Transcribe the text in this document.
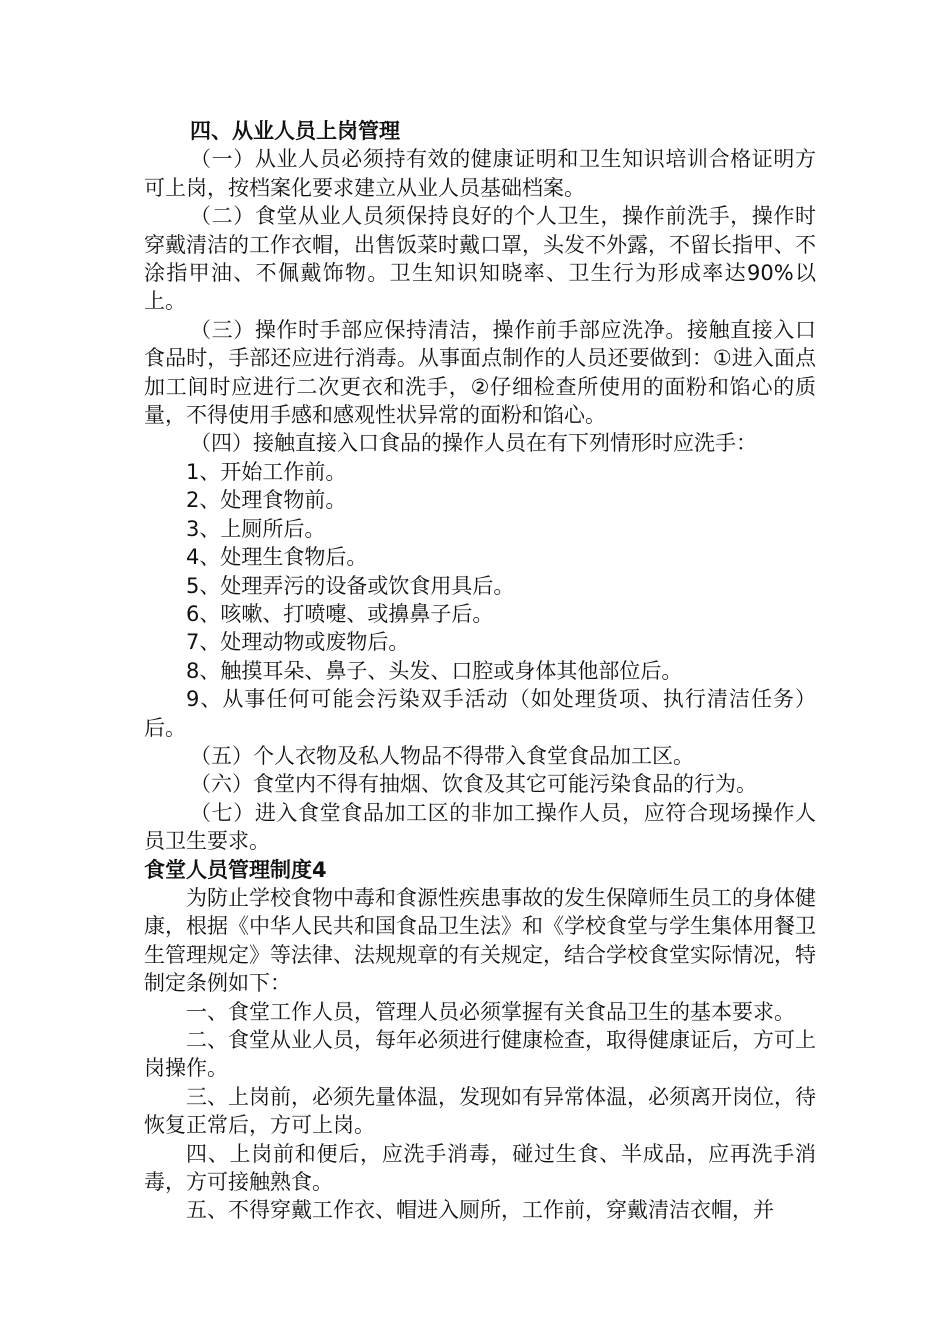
四、从业人员上岗管理

（一）从业人员必须持有效的健康证明和卫生知识培训合格证明方可上岗，按档案化要求建立从业人员基础档案。

（二）食堂从业人员须保持良好的个人卫生，操作前洗手，操作时穿戴清洁的工作衣帽，出售饭菜时戴口罩，头发不外露，不留长指甲、不涂指甲油、不佩戴饰物。卫生知识知晓率、卫生行为形成率达90%以上。

（三）操作时手部应保持清洁，操作前手部应洗净。接触直接入口食品时，手部还应进行消毒。从事面点制作的人员还要做到：①进入面点加工间时应进行二次更衣和洗手，②仔细检查所使用的面粉和馅心的质量，不得使用手感和感观性状异常的面粉和馅心。

（四）接触直接入口食品的操作人员在有下列情形时应洗手：

1、开始工作前。

2、处理食物前。

3、上厕所后。

4、处理生食物后。

5、处理弄污的设备或饮食用具后。

6、咳嗽、打喷嚏、或擤鼻子后。

7、处理动物或废物后。

8、触摸耳朵、鼻子、头发、口腔或身体其他部位后。

9、从事任何可能会污染双手活动（如处理货项、执行清洁任务）后。

（五）个人衣物及私人物品不得带入食堂食品加工区。

（六）食堂内不得有抽烟、饮食及其它可能污染食品的行为。

（七）进入食堂食品加工区的非加工操作人员，应符合现场操作人员卫生要求。

食堂人员管理制度4

为防止学校食物中毒和食源性疾患事故的发生保障师生员工的身体健康，根据《中华人民共和国食品卫生法》和《学校食堂与学生集体用餐卫生管理规定》等法律、法规规章的有关规定，结合学校食堂实际情况，特制定条例如下：

一、食堂工作人员，管理人员必须掌握有关食品卫生的基本要求。

二、食堂从业人员，每年必须进行健康检查，取得健康证后，方可上岗操作。

三、上岗前，必须先量体温，发现如有异常体温，必须离开岗位，待恢复正常后，方可上岗。

四、上岗前和便后，应洗手消毒，碰过生食、半成品，应再洗手消毒，方可接触熟食。

五、不得穿戴工作衣、帽进入厕所，工作前，穿戴清洁衣帽，并
